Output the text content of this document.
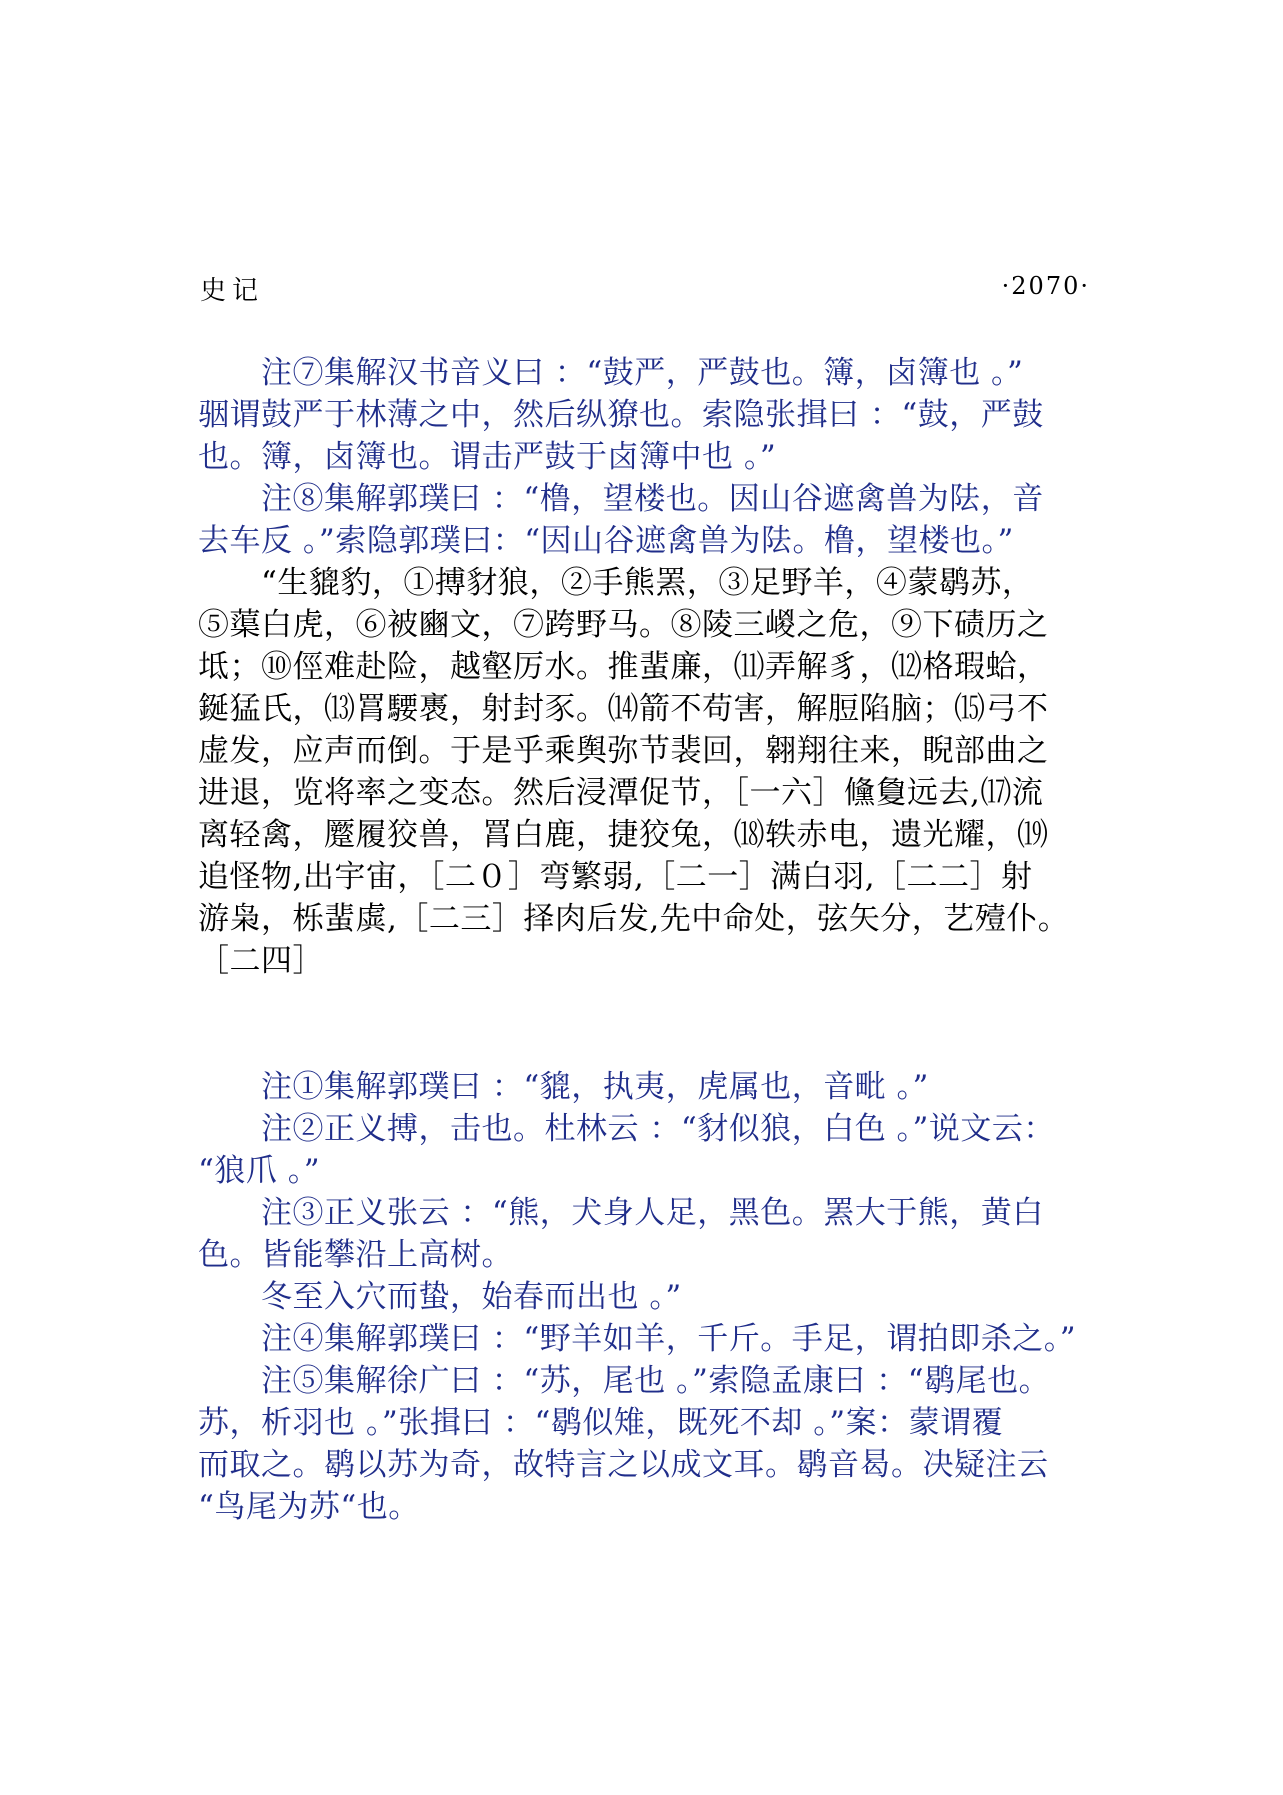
史记	·2070·

　　注⑦集解汉书音义曰 ：“鼓严，严鼓也。簿，卤簿也 。”

骃谓鼓严于林薄之中，然后纵獠也。索隐张揖曰 ：“鼓，严鼓

也。簿，卤簿也。谓击严鼓于卤簿中也 。”

　　注⑧集解郭璞曰 ：“橹，望楼也。因山谷遮禽兽为阹，音

去车反 。”索隐郭璞曰：“因山谷遮禽兽为阹。橹，望楼也。”

　　“生貔豹，①搏豺狼，②手熊罴，③足野羊，④蒙鹖苏，

⑤蕖白虎，⑥被豳文，⑦跨野马。⑧陵三嵕之危，⑨下碛历之

坻；⑩俓难赴险，越壑厉水。推蜚廉，⑾弄解豸，⑿格瑕蛤，

鋋猛氏，⒀罥騕褭，射封豕。⒁箭不苟害，解脰陷脑；⒂弓不

虚发，应声而倒。于是乎乘舆弥节裴回，翱翔往来，睨部曲之

进退，览将率之变态。然后浸潭促节，［一六］儵敻远去,⒄流

离轻禽，蹷履狡兽，罥白鹿，捷狡兔，⒅轶赤电，遗光耀，⒆

追怪物,出宇宙，［二０］弯繁弱,［二一］满白羽,［二二］射

游枭，栎蜚虡,［二三］择肉后发,先中命处，弦矢分，艺殪仆。

［二四］

　　注①集解郭璞曰 ：“貔，执夷，虎属也，音毗 。”

　　注②正义搏，击也。杜林云 ：“豺似狼，白色 。”说文云：

“狼爪 。”

　　注③正义张云 ：“熊，犬身人足，黑色。罴大于熊，黄白

色。皆能攀沿上高树。

　　冬至入穴而蛰，始春而出也 。”

　　注④集解郭璞曰 ：“野羊如羊，千斤。手足，谓拍即杀之。”

　　注⑤集解徐广曰 ：“苏，尾也 。”索隐孟康曰 ：“鹖尾也。

苏，析羽也 。”张揖曰 ：“鹖似雉，既死不却 。”案：蒙谓覆

而取之。鹖以苏为奇，故特言之以成文耳。鹖音曷。决疑注云

“鸟尾为苏“也。
